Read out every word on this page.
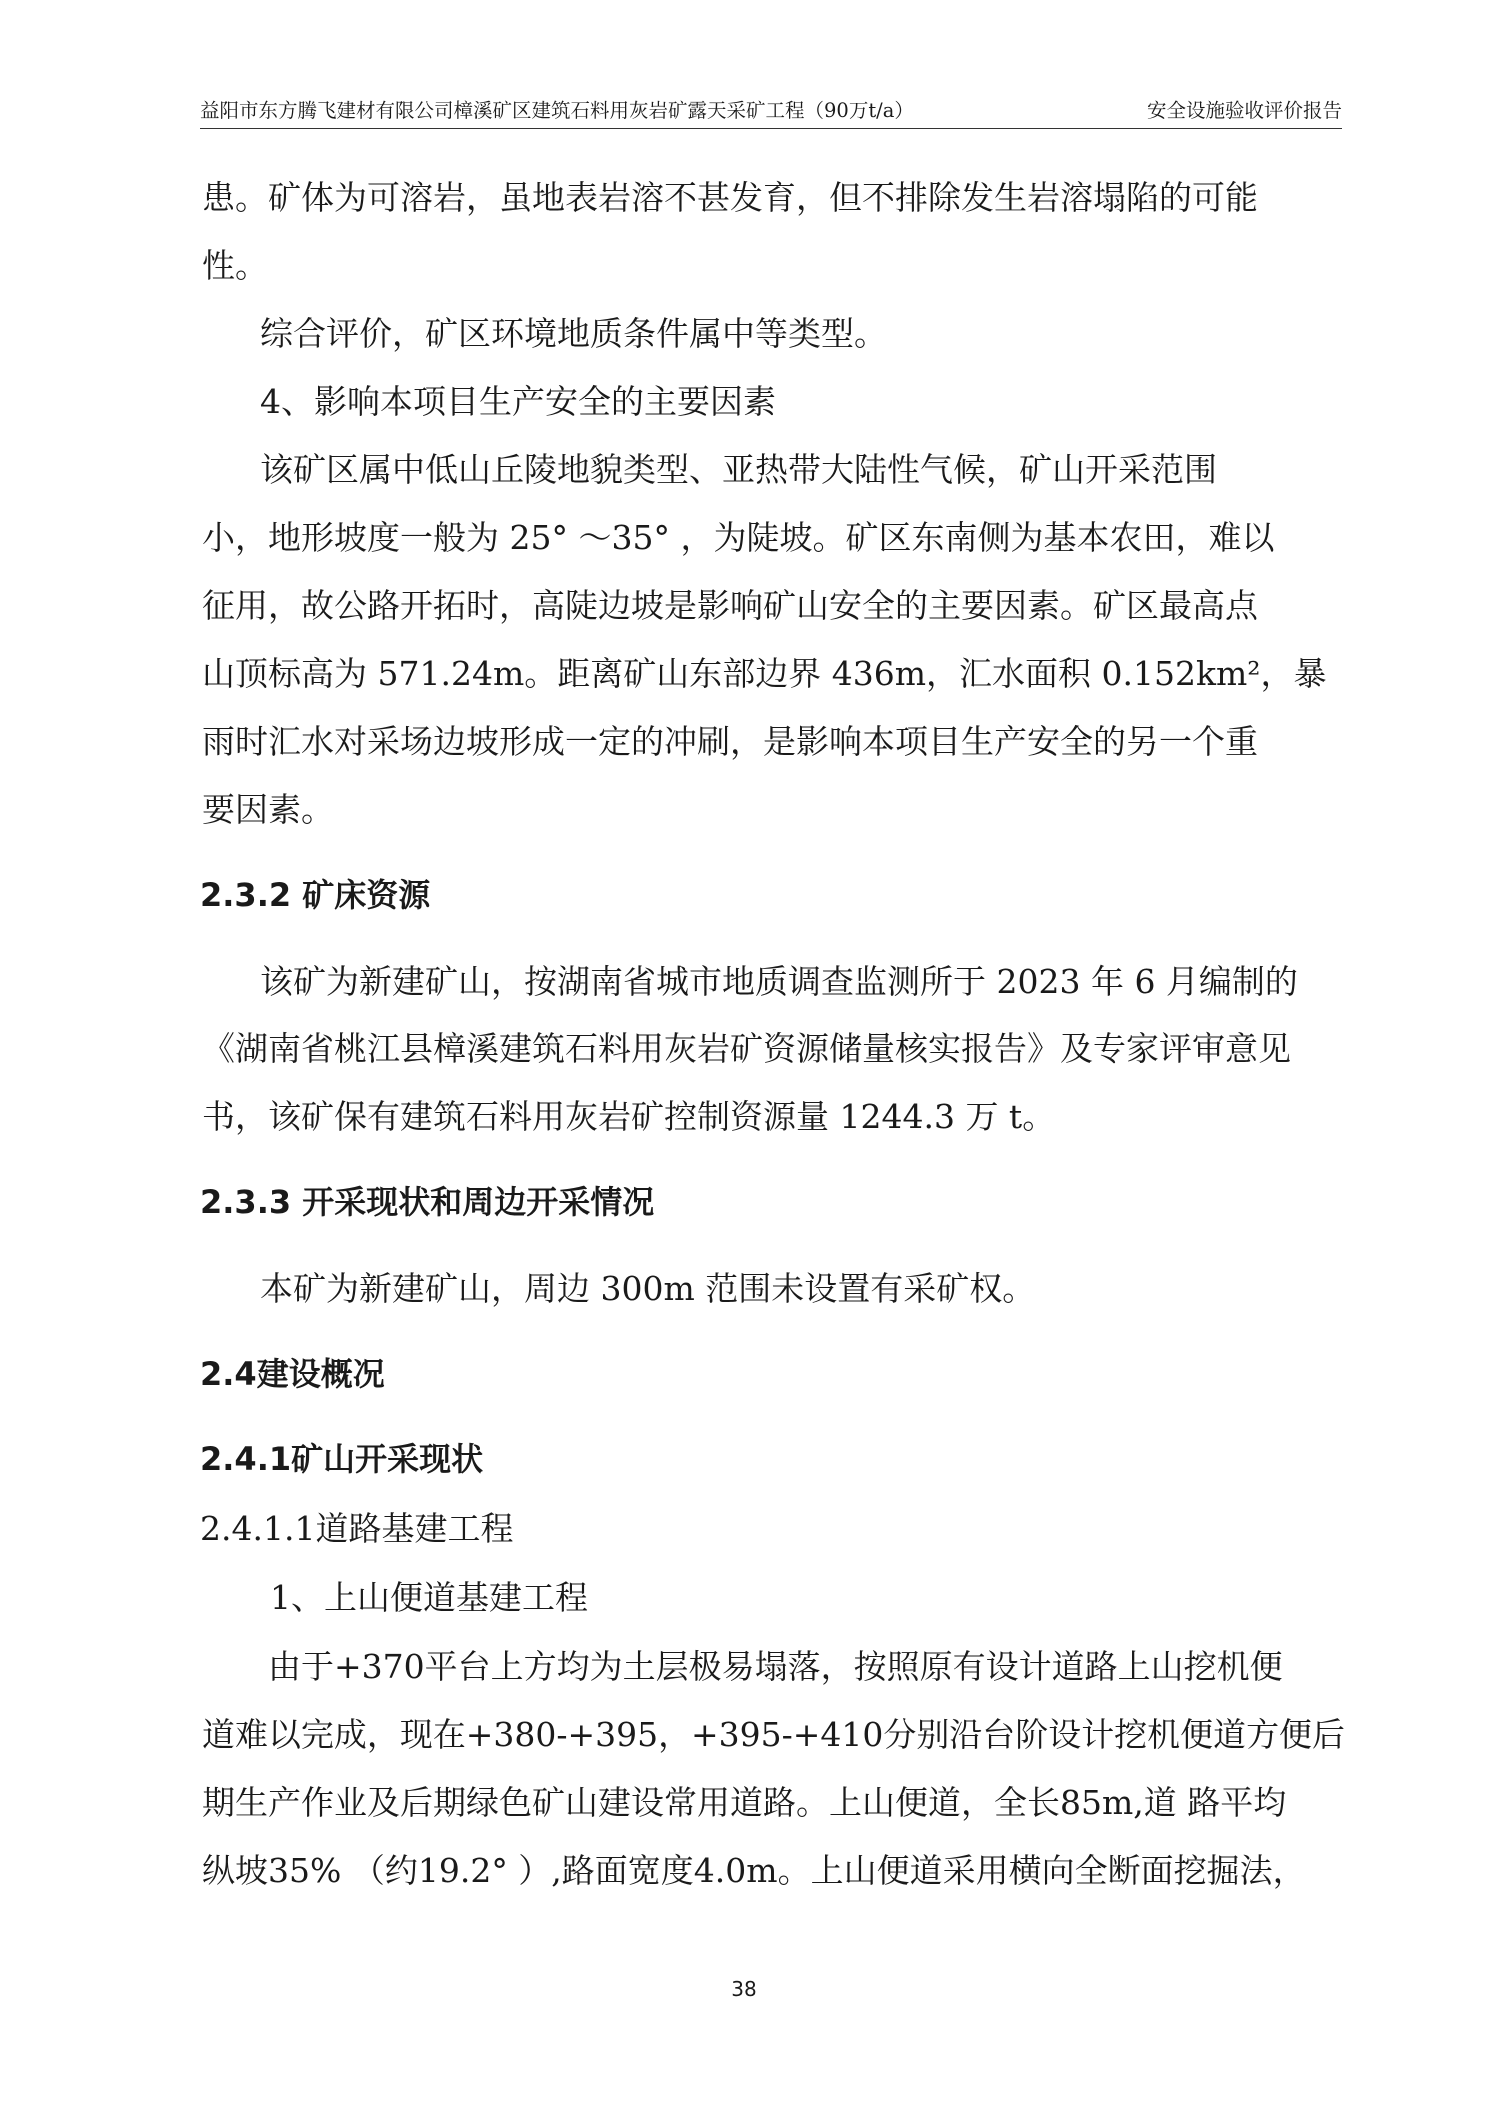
益阳市东方腾飞建材有限公司樟溪矿区建筑石料用灰岩矿露天采矿工程（90万t/a）	安全设施验收评价报告
患。矿体为可溶岩，虽地表岩溶不甚发育，但不排除发生岩溶塌陷的可能
性。
综合评价，矿区环境地质条件属中等类型。
4、影响本项目生产安全的主要因素
该矿区属中低山丘陵地貌类型、亚热带大陆性气候，矿山开采范围
小，地形坡度一般为 25° ～35° ，为陡坡。矿区东南侧为基本农田，难以
征用，故公路开拓时，高陡边坡是影响矿山安全的主要因素。矿区最高点
山顶标高为 571.24m。距离矿山东部边界 436m，汇水面积 0.152km²，暴
雨时汇水对采场边坡形成一定的冲刷，是影响本项目生产安全的另一个重
要因素。
2.3.2 矿床资源
该矿为新建矿山，按湖南省城市地质调查监测所于 2023 年 6 月编制的
《湖南省桃江县樟溪建筑石料用灰岩矿资源储量核实报告》及专家评审意见
书，该矿保有建筑石料用灰岩矿控制资源量 1244.3 万 t。
2.3.3 开采现状和周边开采情况
本矿为新建矿山，周边 300m 范围未设置有采矿权。
2.4建设概况
2.4.1矿山开采现状
2.4.1.1道路基建工程
1、上山便道基建工程
由于+370平台上方均为土层极易塌落，按照原有设计道路上山挖机便
道难以完成，现在+380-+395，+395-+410分别沿台阶设计挖机便道方便后
期生产作业及后期绿色矿山建设常用道路。上山便道，全长85m,道 路平均
纵坡35% （约19.2° ）,路面宽度4.0m。上山便道采用横向全断面挖掘法，
38
